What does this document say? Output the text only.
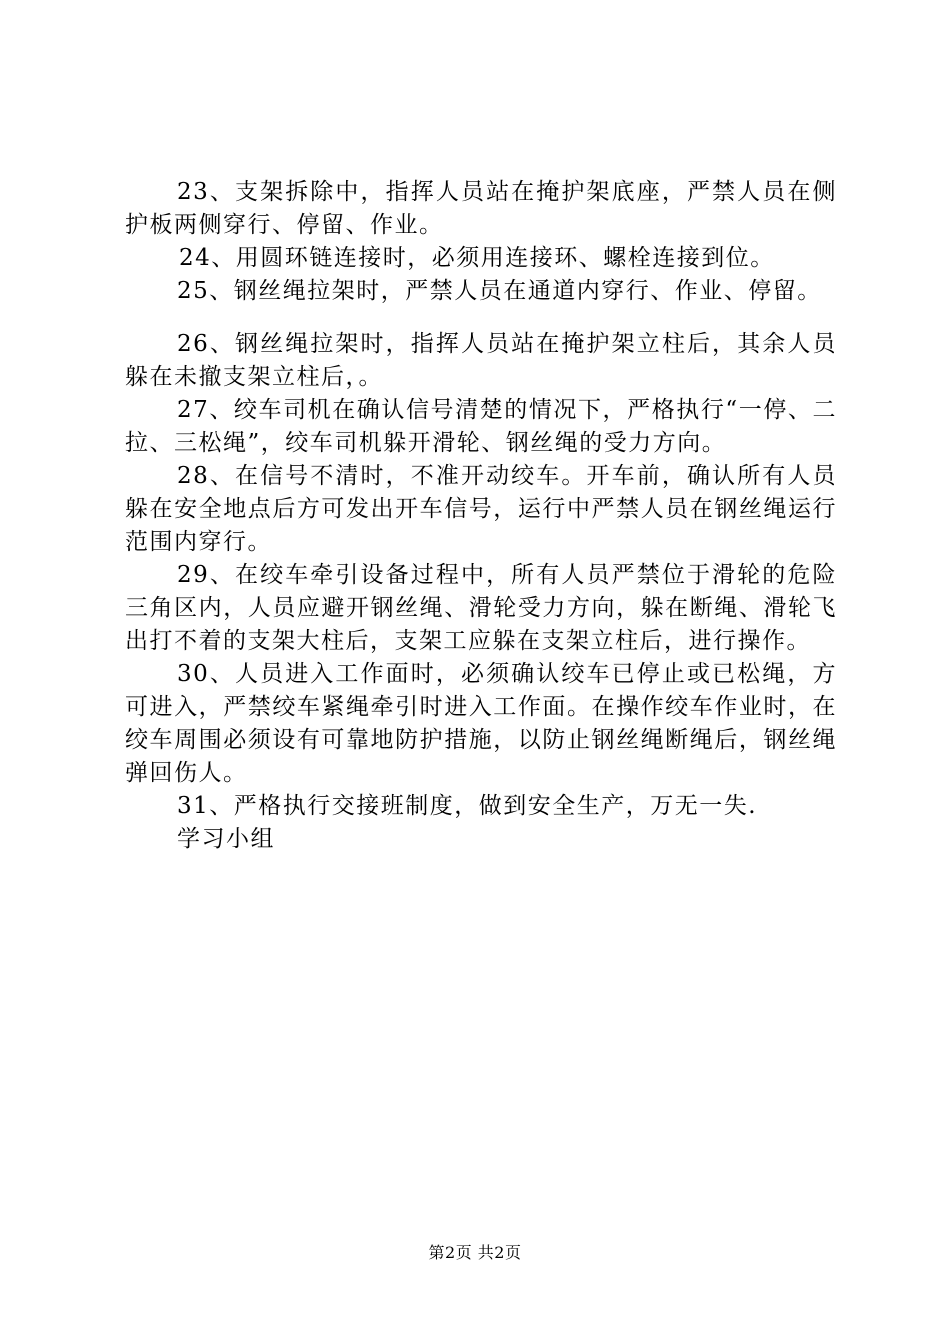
23、支架拆除中，指挥人员站在掩护架底座，严禁人员在侧护板两侧穿行、停留、作业。

24、用圆环链连接时，必须用连接环、螺栓连接到位。

25、钢丝绳拉架时，严禁人员在通道内穿行、作业、停留。

26、钢丝绳拉架时，指挥人员站在掩护架立柱后，其余人员躲在未撤支架立柱后，。

27、绞车司机在确认信号清楚的情况下，严格执行“一停、二拉、三松绳”，绞车司机躲开滑轮、钢丝绳的受力方向。

28、在信号不清时，不准开动绞车。开车前，确认所有人员躲在安全地点后方可发出开车信号，运行中严禁人员在钢丝绳运行范围内穿行。

29、在绞车牵引设备过程中，所有人员严禁位于滑轮的危险三角区内，人员应避开钢丝绳、滑轮受力方向，躲在断绳、滑轮飞出打不着的支架大柱后，支架工应躲在支架立柱后，进行操作。

30、人员进入工作面时，必须确认绞车已停止或已松绳，方可进入，严禁绞车紧绳牵引时进入工作面。在操作绞车作业时，在绞车周围必须设有可靠地防护措施，以防止钢丝绳断绳后，钢丝绳弹回伤人。

31、严格执行交接班制度，做到安全生产，万无一失.

学习小组

第2页 共2页
